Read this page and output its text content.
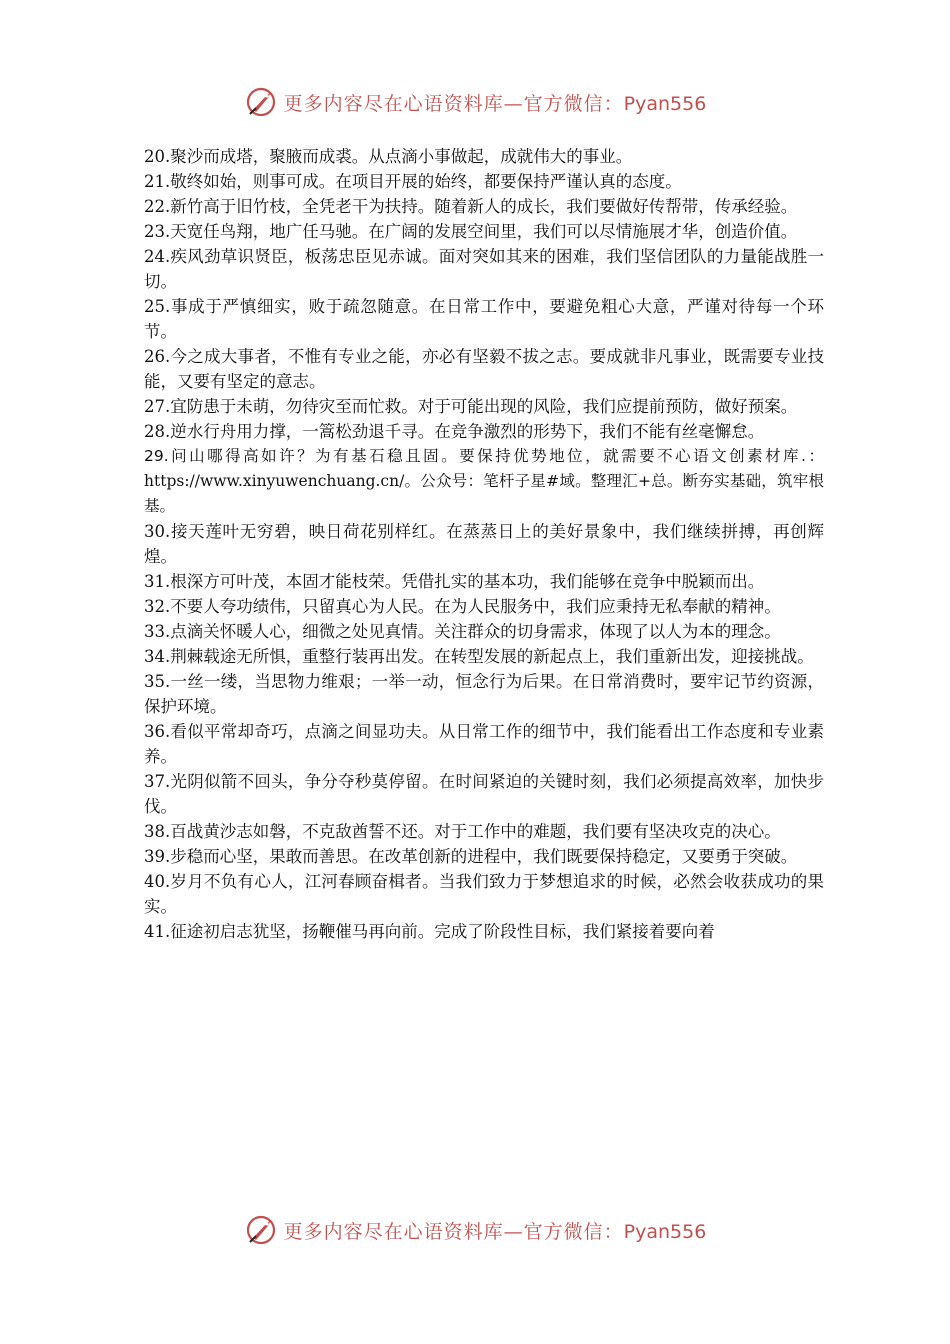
更多内容尽在心语资料库—官方微信：Pyan556

20.聚沙而成塔，聚腋而成裘。从点滴小事做起，成就伟大的事业。

21.敬终如始，则事可成。在项目开展的始终，都要保持严谨认真的态度。

22.新竹高于旧竹枝，全凭老干为扶持。随着新人的成长，我们要做好传帮带，传承经验。

23.天宽任鸟翔，地广任马驰。在广阔的发展空间里，我们可以尽情施展才华，创造价值。

24.疾风劲草识贤臣，板荡忠臣见赤诚。面对突如其来的困难，我们坚信团队的力量能战胜一切。

25.事成于严慎细实，败于疏忽随意。在日常工作中，要避免粗心大意，严谨对待每一个环节。

26.今之成大事者，不惟有专业之能，亦必有坚毅不拔之志。要成就非凡事业，既需要专业技能，又要有坚定的意志。

27.宜防患于未萌，勿待灾至而忙救。对于可能出现的风险，我们应提前预防，做好预案。

28.逆水行舟用力撑，一篙松劲退千寻。在竞争激烈的形势下，我们不能有丝毫懈怠。

29.问山哪得高如许？为有基石稳且固。要保持优势地位，就需要不心语文创素材库.：https://www.xinyuwenchuang.cn/。公众号：笔杆子星#域。整理汇+总。断夯实基础，筑牢根基。

30.接天莲叶无穷碧，映日荷花别样红。在蒸蒸日上的美好景象中，我们继续拼搏，再创辉煌。

31.根深方可叶茂，本固才能枝荣。凭借扎实的基本功，我们能够在竞争中脱颖而出。

32.不要人夸功绩伟，只留真心为人民。在为人民服务中，我们应秉持无私奉献的精神。

33.点滴关怀暖人心，细微之处见真情。关注群众的切身需求，体现了以人为本的理念。

34.荆棘载途无所惧，重整行装再出发。在转型发展的新起点上，我们重新出发，迎接挑战。

35.一丝一缕，当思物力维艰；一举一动，恒念行为后果。在日常消费时，要牢记节约资源，保护环境。

36.看似平常却奇巧，点滴之间显功夫。从日常工作的细节中，我们能看出工作态度和专业素养。

37.光阴似箭不回头，争分夺秒莫停留。在时间紧迫的关键时刻，我们必须提高效率，加快步伐。

38.百战黄沙志如磐，不克敌酋誓不还。对于工作中的难题，我们要有坚决攻克的决心。

39.步稳而心坚，果敢而善思。在改革创新的进程中，我们既要保持稳定，又要勇于突破。

40.岁月不负有心人，江河春顾奋楫者。当我们致力于梦想追求的时候，必然会收获成功的果实。

41.征途初启志犹坚，扬鞭催马再向前。完成了阶段性目标，我们紧接着要向着

更多内容尽在心语资料库—官方微信：Pyan556
